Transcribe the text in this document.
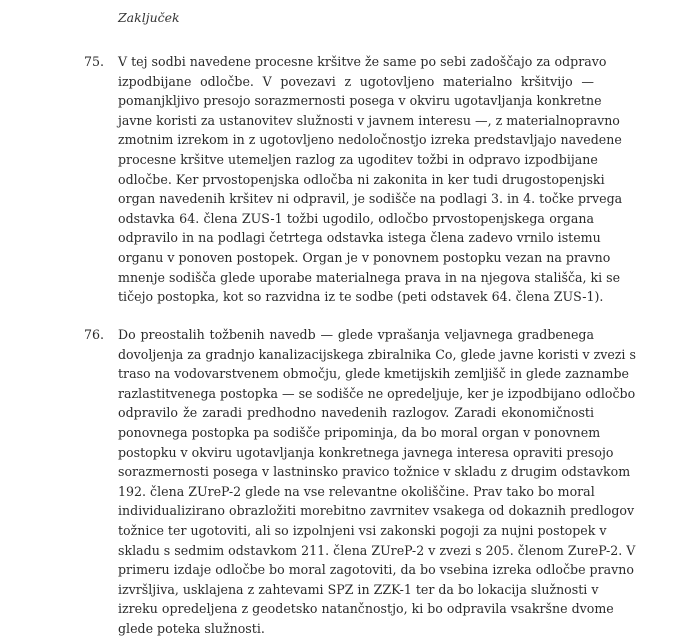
Zaključek
75. V tej sodbi navedene procesne kršitve že same po sebi zadoščajo za odpravo
izpodbijane odločbe. V povezavi z ugotovljeno materialno kršitvijo —
pomanjkljivo presojo sorazmernosti posega v okviru ugotavljanja konkretne
javne koristi za ustanovitev služnosti v javnem interesu —, z materialnopravno
zmotnim izrekom in z ugotovljeno nedoločnostjo izreka predstavljajo navedene
procesne kršitve utemeljen razlog za ugoditev tožbi in odpravo izpodbijane
odločbe. Ker prvostopenjska odločba ni zakonita in ker tudi drugostopenjski
organ navedenih kršitev ni odpravil, je sodišče na podlagi 3. in 4. točke prvega
odstavka 64. člena ZUS-1 tožbi ugodilo, odločbo prvostopenjskega organa
odpravilo in na podlagi četrtega odstavka istega člena zadevo vrnilo istemu
organu v ponoven postopek. Organ je v ponovnem postopku vezan na pravno
mnenje sodišča glede uporabe materialnega prava in na njegova stališča, ki se
tičejo postopka, kot so razvidna iz te sodbe (peti odstavek 64. člena ZUS-1).
76. Do preostalih tožbenih navedb — glede vprašanja veljavnega gradbenega
dovoljenja za gradnjo kanalizacijskega zbiralnika Co, glede javne koristi v zvezi s
traso na vodovarstvenem območju, glede kmetijskih zemljišč in glede zaznambe
razlastitvenega postopka — se sodišče ne opredeljuje, ker je izpodbijano odločbo
odpravilo že zaradi predhodno navedenih razlogov. Zaradi ekonomičnosti
ponovnega postopka pa sodišče pripominja, da bo moral organ v ponovnem
postopku v okviru ugotavljanja konkretnega javnega interesa opraviti presojo
sorazmernosti posega v lastninsko pravico tožnice v skladu z drugim odstavkom
192. člena ZUreP-2 glede na vse relevantne okoliščine. Prav tako bo moral
individualizirano obrazložiti morebitno zavrnitev vsakega od dokaznih predlogov
tožnice ter ugotoviti, ali so izpolnjeni vsi zakonski pogoji za nujni postopek v
skladu s sedmim odstavkom 211. člena ZUreP-2 v zvezi s 205. členom ZureP-2. V
primeru izdaje odločbe bo moral zagotoviti, da bo vsebina izreka odločbe pravno
izvršljiva, usklajena z zahtevami SPZ in ZZK-1 ter da bo lokacija služnosti v
izreku opredeljena z geodetsko natančnostjo, ki bo odpravila vsakršne dvome
glede poteka služnosti.
